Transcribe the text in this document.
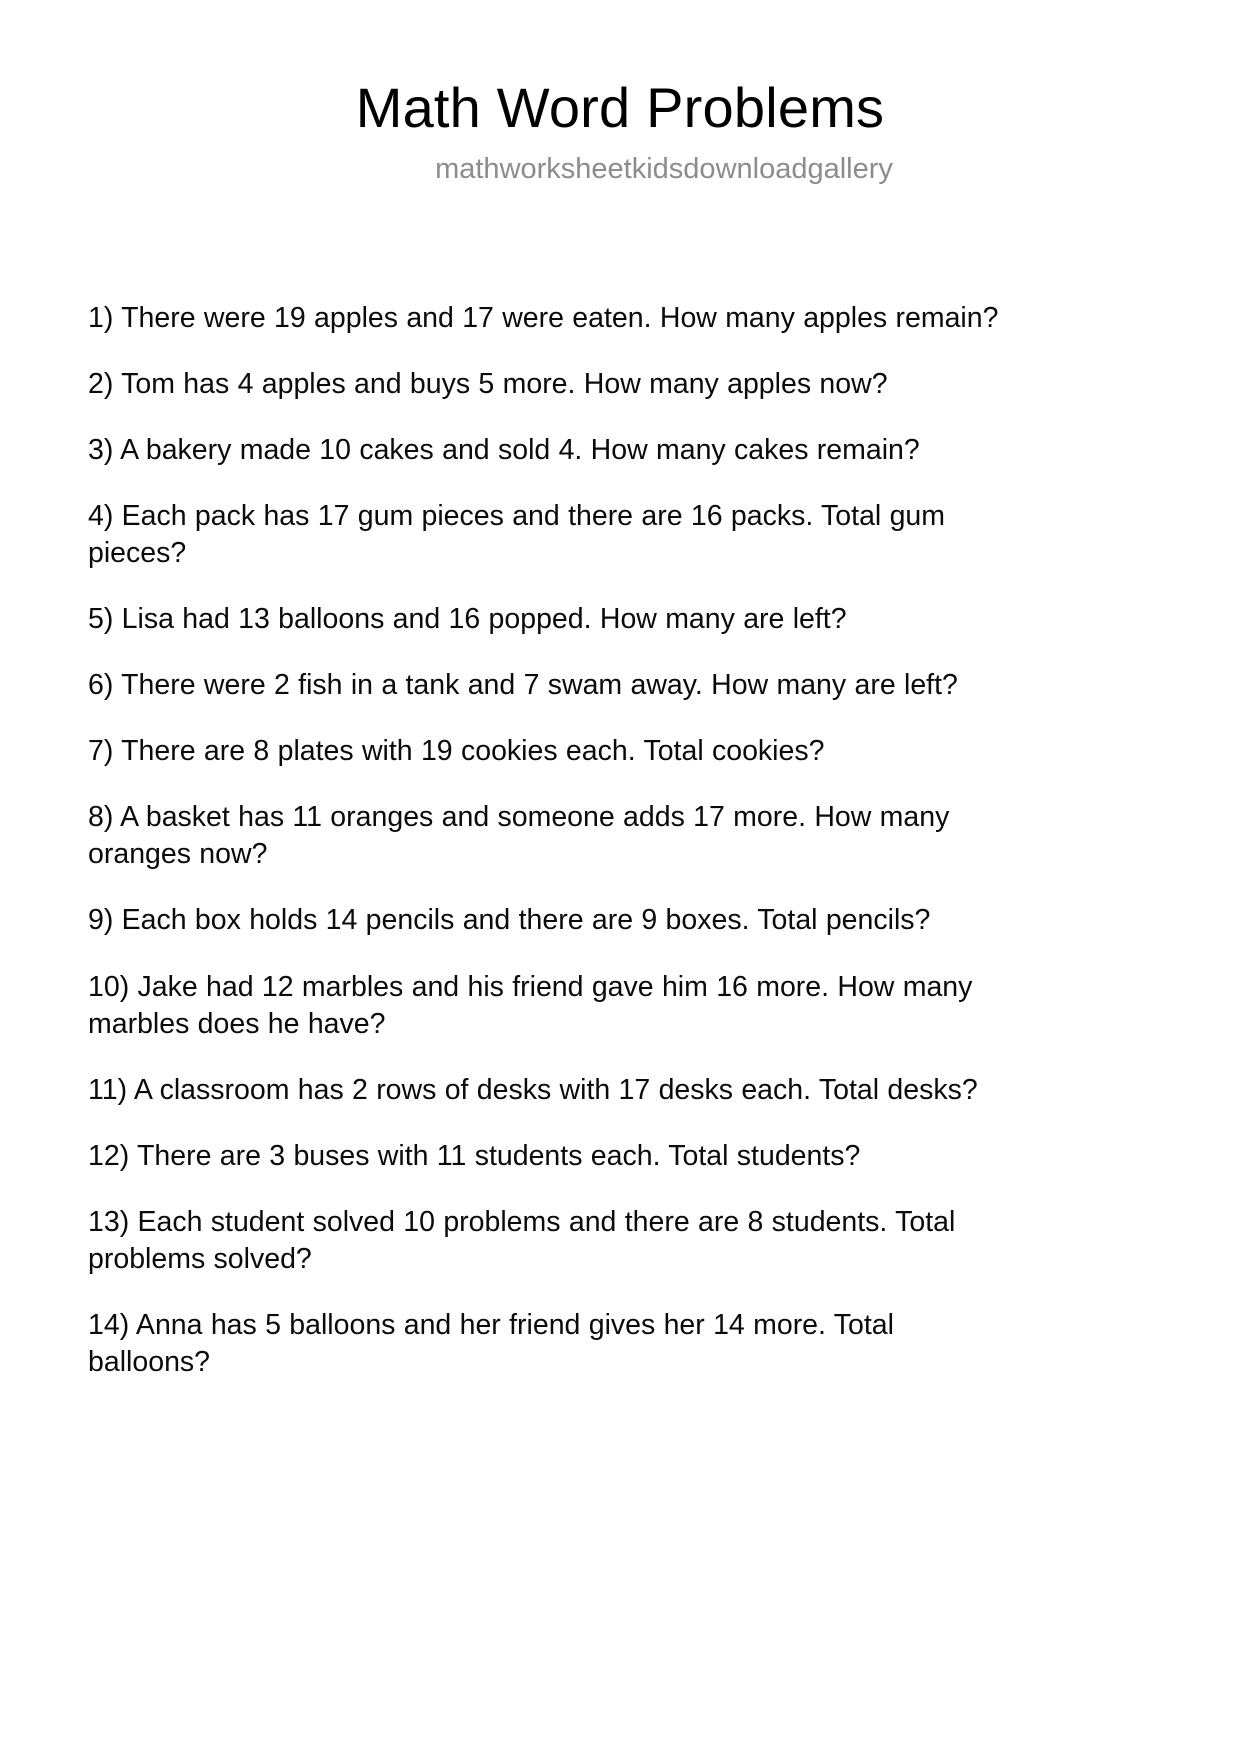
Math Word Problems
mathworksheetkidsdownloadgallery
1) There were 19 apples and 17 were eaten. How many apples remain?
2) Tom has 4 apples and buys 5 more. How many apples now?
3) A bakery made 10 cakes and sold 4. How many cakes remain?
4) Each pack has 17 gum pieces and there are 16 packs. Total gum pieces?
5) Lisa had 13 balloons and 16 popped. How many are left?
6) There were 2 fish in a tank and 7 swam away. How many are left?
7) There are 8 plates with 19 cookies each. Total cookies?
8) A basket has 11 oranges and someone adds 17 more. How many oranges now?
9) Each box holds 14 pencils and there are 9 boxes. Total pencils?
10) Jake had 12 marbles and his friend gave him 16 more. How many marbles does he have?
11) A classroom has 2 rows of desks with 17 desks each. Total desks?
12) There are 3 buses with 11 students each. Total students?
13) Each student solved 10 problems and there are 8 students. Total problems solved?
14) Anna has 5 balloons and her friend gives her 14 more. Total balloons?
